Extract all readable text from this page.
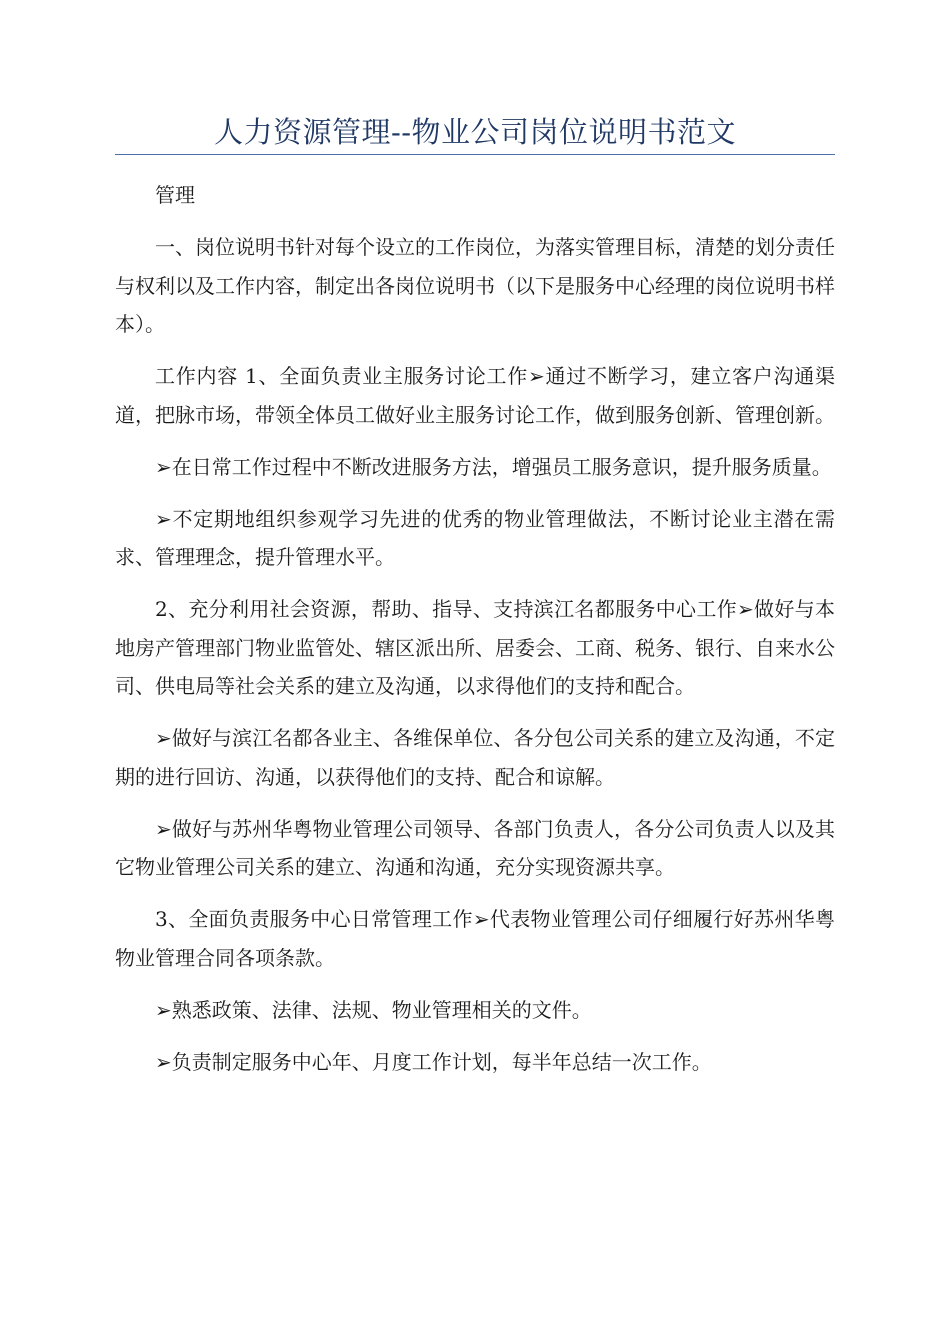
人力资源管理--物业公司岗位说明书范文

管理

一、岗位说明书针对每个设立的工作岗位，为落实管理目标，清楚的划分责任与权利以及工作内容，制定出各岗位说明书（以下是服务中心经理的岗位说明书样本）。

工作内容 1、全面负责业主服务讨论工作➢通过不断学习，建立客户沟通渠道，把脉市场，带领全体员工做好业主服务讨论工作，做到服务创新、管理创新。

➢在日常工作过程中不断改进服务方法，增强员工服务意识，提升服务质量。

➢不定期地组织参观学习先进的优秀的物业管理做法，不断讨论业主潜在需求、管理理念，提升管理水平。

2、充分利用社会资源，帮助、指导、支持滨江名都服务中心工作➢做好与本地房产管理部门物业监管处、辖区派出所、居委会、工商、税务、银行、自来水公司、供电局等社会关系的建立及沟通，以求得他们的支持和配合。

➢做好与滨江名都各业主、各维保单位、各分包公司关系的建立及沟通，不定期的进行回访、沟通，以获得他们的支持、配合和谅解。

➢做好与苏州华粤物业管理公司领导、各部门负责人，各分公司负责人以及其它物业管理公司关系的建立、沟通和沟通，充分实现资源共享。

3、全面负责服务中心日常管理工作➢代表物业管理公司仔细履行好苏州华粤物业管理合同各项条款。

➢熟悉政策、法律、法规、物业管理相关的文件。

➢负责制定服务中心年、月度工作计划，每半年总结一次工作。
